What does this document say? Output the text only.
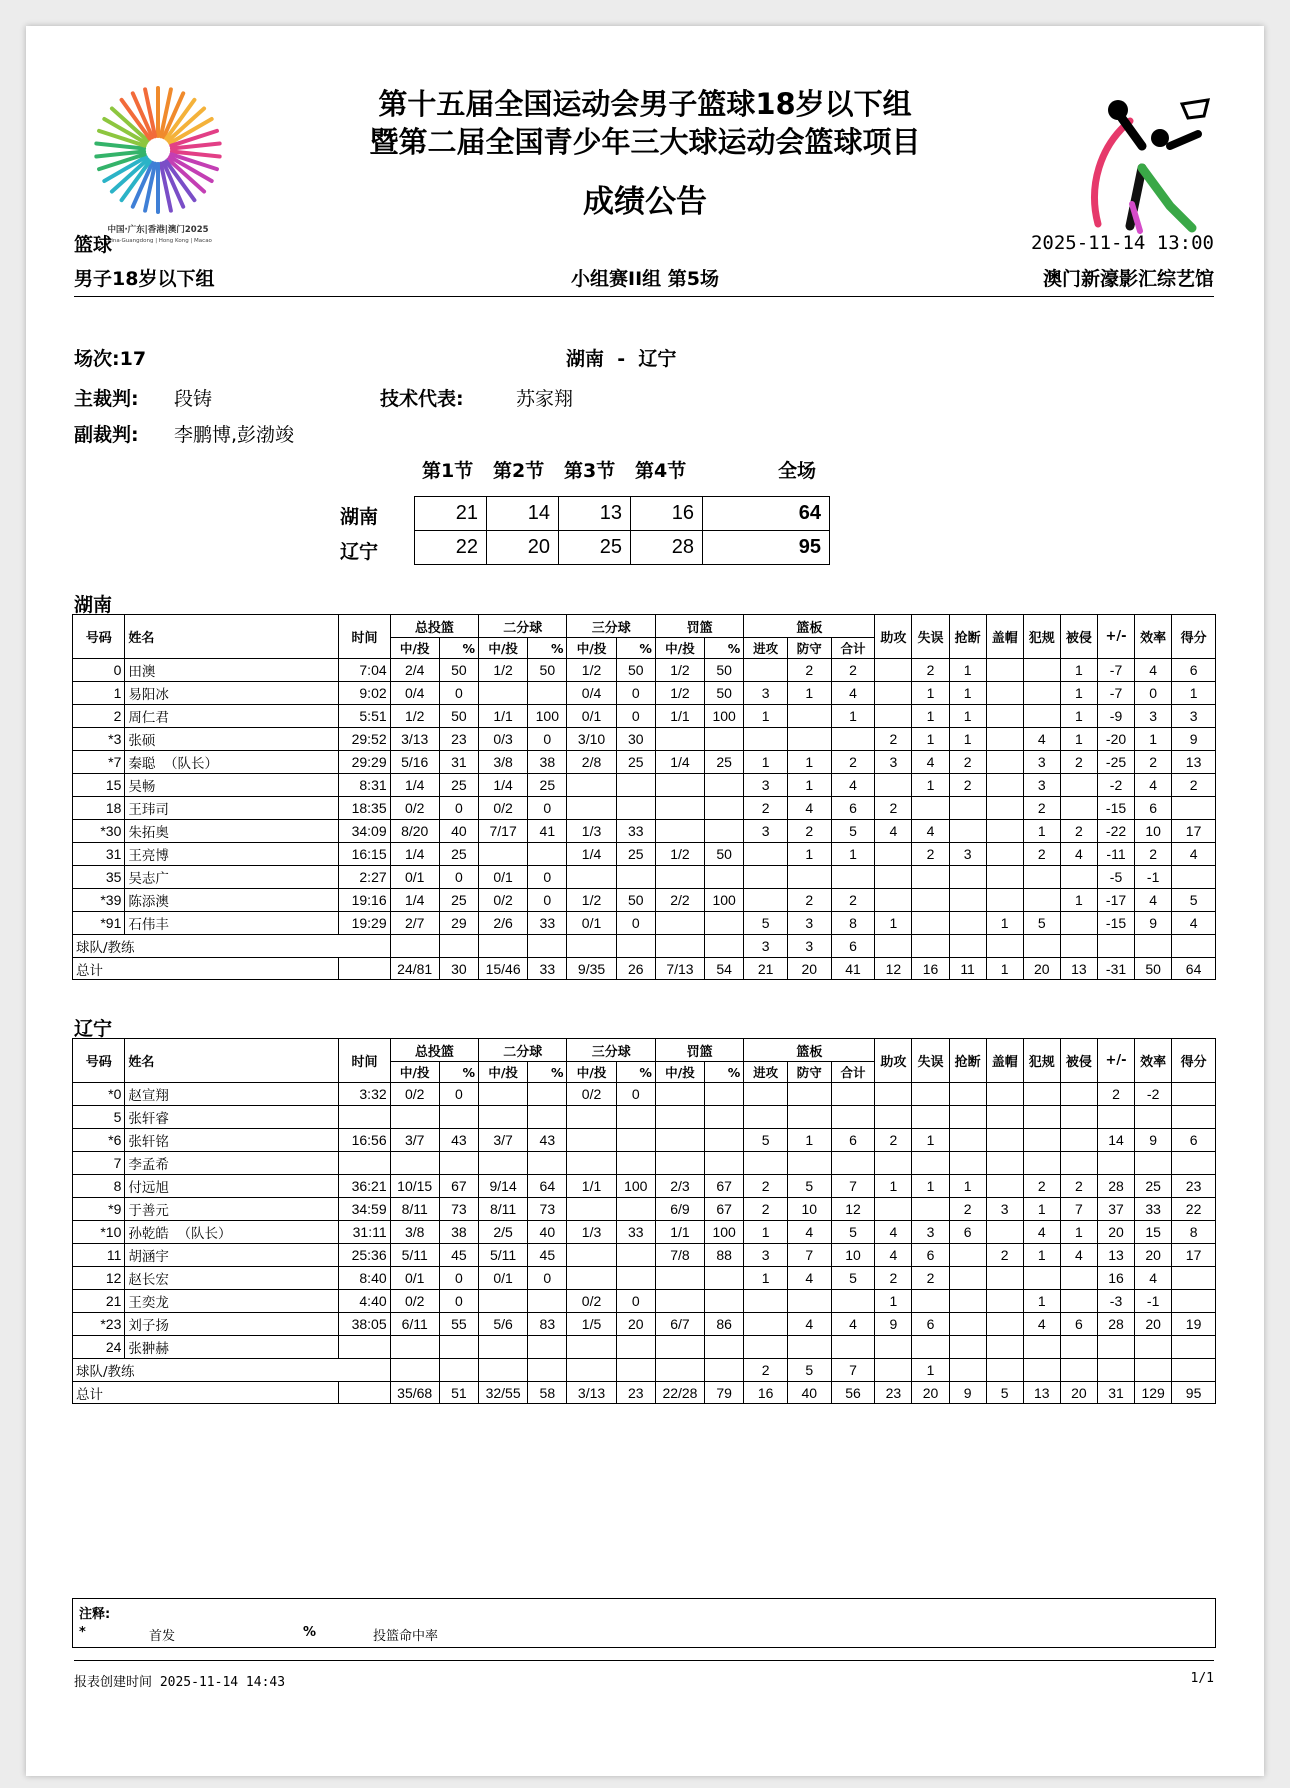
中国·广东|香港|澳门2025
China·Guangdong | Hong Kong | Macao
第十五届全国运动会男子篮球18岁以下组
暨第二届全国青少年三大球运动会篮球项目
成绩公告
篮球	2025-11-14 13:00
男子18岁以下组	小组赛II组 第5场	澳门新濠影汇综艺馆
场次:17	湖南  -  辽宁
主裁判: 段铸	技术代表:	苏家翔
副裁判: 李鹏博,彭渤竣
第1节 第2节 第3节 第4节	全场
湖南
辽宁
21	14	13	16	64
22	20	25	28	95
湖南
号码	姓名	时间	总投篮		二分球		三分球		罚篮		篮板			助攻	失误	抢断	盖帽	犯规	被侵	+/-	效率	得分
			中/投	%	中/投	%	中/投	%	中/投	%	进攻	防守	合计									
0	田澳	7:04	2/4	50	1/2	50	1/2	50	1/2	50		2	2		2	1			1	-7	4	6
1	易阳冰	9:02	0/4	0			0/4	0	1/2	50	3	1	4		1	1			1	-7	0	1
2	周仁君	5:51	1/2	50	1/1	100	0/1	0	1/1	100	1		1		1	1			1	-9	3	3
*3	张硕	29:52	3/13	23	0/3	0	3/10	30						2	1	1		4	1	-20	1	9
*7	秦聪  （队长）	29:29	5/16	31	3/8	38	2/8	25	1/4	25	1	1	2	3	4	2		3	2	-25	2	13
15	吴畅	8:31	1/4	25	1/4	25					3	1	4		1	2		3		-2	4	2
18	王玮司	18:35	0/2	0	0/2	0					2	4	6	2				2		-15	6	
*30	朱拓奥	34:09	8/20	40	7/17	41	1/3	33			3	2	5	4	4			1	2	-22	10	17
31	王亮博	16:15	1/4	25			1/4	25	1/2	50		1	1		2	3		2	4	-11	2	4
35	吴志广	2:27	0/1	0	0/1	0														-5	-1	
*39	陈添澳	19:16	1/4	25	0/2	0	1/2	50	2/2	100		2	2						1	-17	4	5
*91	石伟丰	19:29	2/7	29	2/6	33	0/1	0			5	3	8	1			1	5		-15	9	4
球队/教练											3	3	6									
总计			24/81	30	15/46	33	9/35	26	7/13	54	21	20	41	12	16	11	1	20	13	-31	50	64
辽宁
号码	姓名	时间	总投篮		二分球		三分球		罚篮		篮板			助攻	失误	抢断	盖帽	犯规	被侵	+/-	效率	得分
			中/投	%	中/投	%	中/投	%	中/投	%	进攻	防守	合计									
*0	赵宣翔	3:32	0/2	0			0/2	0												2	-2	
5	张轩睿																					
*6	张轩铭	16:56	3/7	43	3/7	43					5	1	6	2	1					14	9	6
7	李孟希																					
8	付远旭	36:21	10/15	67	9/14	64	1/1	100	2/3	67	2	5	7	1	1	1		2	2	28	25	23
*9	于善元	34:59	8/11	73	8/11	73			6/9	67	2	10	12			2	3	1	7	37	33	22
*10	孙乾皓  （队长）	31:11	3/8	38	2/5	40	1/3	33	1/1	100	1	4	5	4	3	6		4	1	20	15	8
11	胡涵宇	25:36	5/11	45	5/11	45			7/8	88	3	7	10	4	6		2	1	4	13	20	17
12	赵长宏	8:40	0/1	0	0/1	0					1	4	5	2	2					16	4	
21	王奕龙	4:40	0/2	0			0/2	0						1				1		-3	-1	
*23	刘子扬	38:05	6/11	55	5/6	83	1/5	20	6/7	86		4	4	9	6			4	6	28	20	19
24	张翀赫																					
球队/教练											2	5	7		1							
总计			35/68	51	32/55	58	3/13	23	22/28	79	16	40	56	23	20	9	5	13	20	31	129	95
注释:
*	首发	%	投篮命中率
报表创建时间 2025-11-14 14:43	1/1
